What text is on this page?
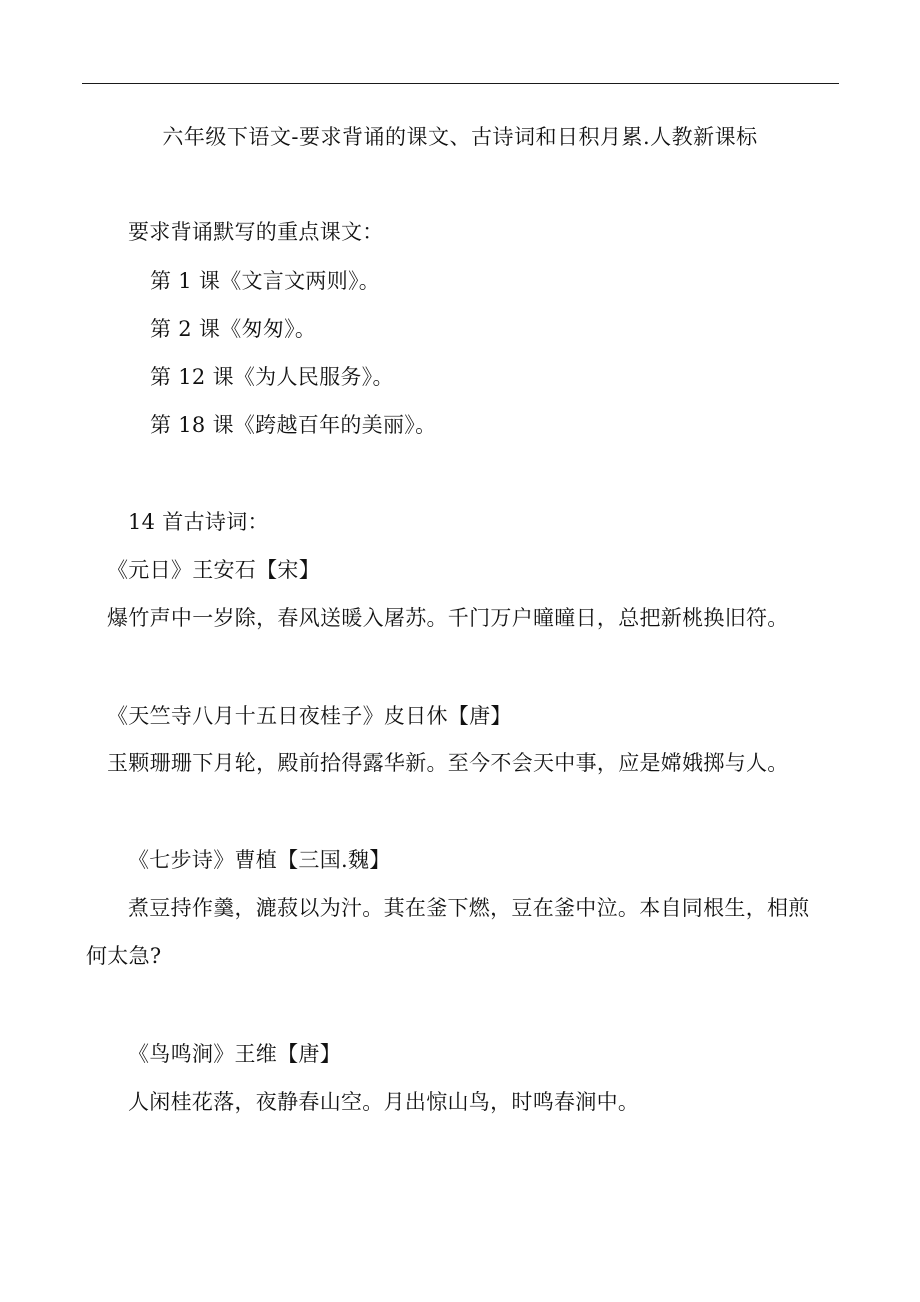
六年级下语文-要求背诵的课文、古诗词和日积月累.人教新课标
要求背诵默写的重点课文：
第 1 课《文言文两则》。
第 2 课《匆匆》。
第 12 课《为人民服务》。
第 18 课《跨越百年的美丽》。
14 首古诗词：
《元日》王安石【宋】
爆竹声中一岁除，春风送暖入屠苏。千门万户曈曈日，总把新桃换旧符。
《天竺寺八月十五日夜桂子》皮日休【唐】
玉颗珊珊下月轮，殿前拾得露华新。至今不会天中事，应是嫦娥掷与人。
《七步诗》曹植【三国.魏】
煮豆持作羹，漉菽以为汁。萁在釜下燃，豆在釜中泣。本自同根生，相煎
何太急?
《鸟鸣涧》王维【唐】
人闲桂花落，夜静春山空。月出惊山鸟，时鸣春涧中。
